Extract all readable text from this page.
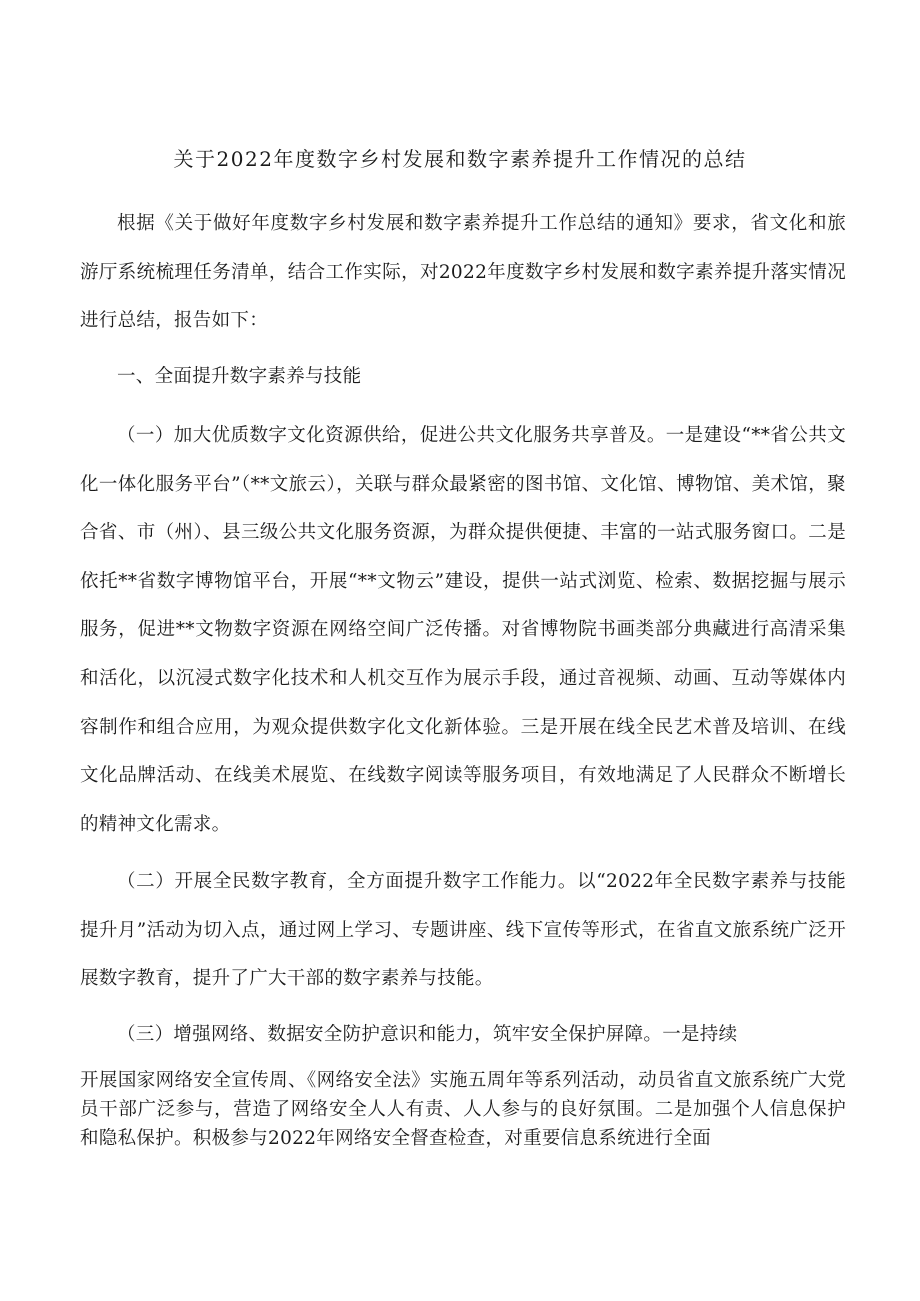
关于2022年度数字乡村发展和数字素养提升工作情况的总结

根据《关于做好年度数字乡村发展和数字素养提升工作总结的通知》要求，省文化和旅游厅系统梳理任务清单，结合工作实际，对2022年度数字乡村发展和数字素养提升落实情况进行总结，报告如下：

一、全面提升数字素养与技能

（一）加大优质数字文化资源供给，促进公共文化服务共享普及。一是建设“**省公共文化一体化服务平台”（**文旅云），关联与群众最紧密的图书馆、文化馆、博物馆、美术馆，聚合省、市（州）、县三级公共文化服务资源，为群众提供便捷、丰富的一站式服务窗口。二是依托**省数字博物馆平台，开展“**文物云”建设，提供一站式浏览、检索、数据挖掘与展示服务，促进**文物数字资源在网络空间广泛传播。对省博物院书画类部分典藏进行高清采集和活化，以沉浸式数字化技术和人机交互作为展示手段，通过音视频、动画、互动等媒体内容制作和组合应用，为观众提供数字化文化新体验。三是开展在线全民艺术普及培训、在线文化品牌活动、在线美术展览、在线数字阅读等服务项目，有效地满足了人民群众不断增长的精神文化需求。

（二）开展全民数字教育，全方面提升数字工作能力。以“2022年全民数字素养与技能提升月”活动为切入点，通过网上学习、专题讲座、线下宣传等形式，在省直文旅系统广泛开展数字教育，提升了广大干部的数字素养与技能。

（三）增强网络、数据安全防护意识和能力，筑牢安全保护屏障。一是持续

开展国家网络安全宣传周、《网络安全法》实施五周年等系列活动，动员省直文旅系统广大党员干部广泛参与，营造了网络安全人人有责、人人参与的良好氛围。二是加强个人信息保护和隐私保护。积极参与2022年网络安全督查检查，对重要信息系统进行全面
